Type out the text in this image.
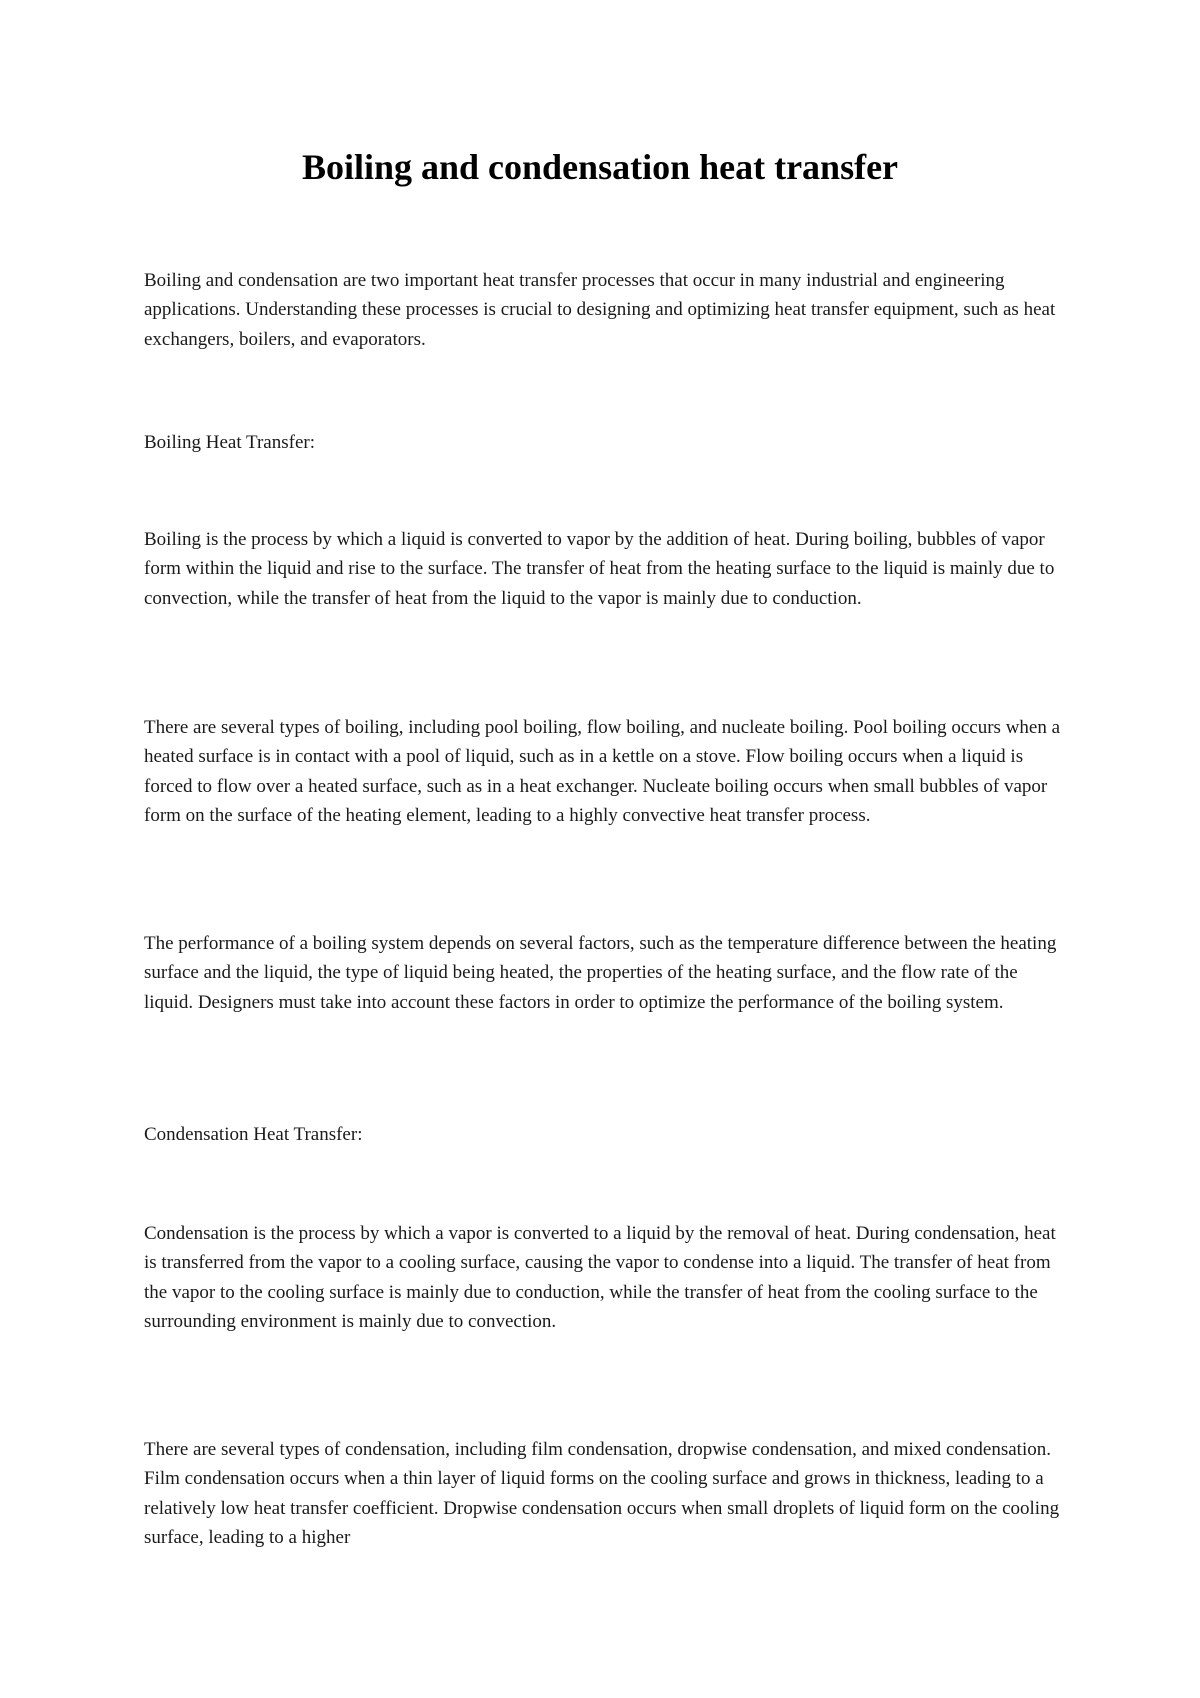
Boiling and condensation heat transfer

Boiling and condensation are two important heat transfer processes that occur in many industrial and engineering applications. Understanding these processes is crucial to designing and optimizing heat transfer equipment, such as heat exchangers, boilers, and evaporators.

Boiling Heat Transfer:

Boiling is the process by which a liquid is converted to vapor by the addition of heat. During boiling, bubbles of vapor form within the liquid and rise to the surface. The transfer of heat from the heating surface to the liquid is mainly due to convection, while the transfer of heat from the liquid to the vapor is mainly due to conduction.

There are several types of boiling, including pool boiling, flow boiling, and nucleate boiling. Pool boiling occurs when a heated surface is in contact with a pool of liquid, such as in a kettle on a stove. Flow boiling occurs when a liquid is forced to flow over a heated surface, such as in a heat exchanger. Nucleate boiling occurs when small bubbles of vapor form on the surface of the heating element, leading to a highly convective heat transfer process.

The performance of a boiling system depends on several factors, such as the temperature difference between the heating surface and the liquid, the type of liquid being heated, the properties of the heating surface, and the flow rate of the liquid. Designers must take into account these factors in order to optimize the performance of the boiling system.

Condensation Heat Transfer:

Condensation is the process by which a vapor is converted to a liquid by the removal of heat. During condensation, heat is transferred from the vapor to a cooling surface, causing the vapor to condense into a liquid. The transfer of heat from the vapor to the cooling surface is mainly due to conduction, while the transfer of heat from the cooling surface to the surrounding environment is mainly due to convection.

There are several types of condensation, including film condensation, dropwise condensation, and mixed condensation. Film condensation occurs when a thin layer of liquid forms on the cooling surface and grows in thickness, leading to a relatively low heat transfer coefficient. Dropwise condensation occurs when small droplets of liquid form on the cooling surface, leading to a higher
